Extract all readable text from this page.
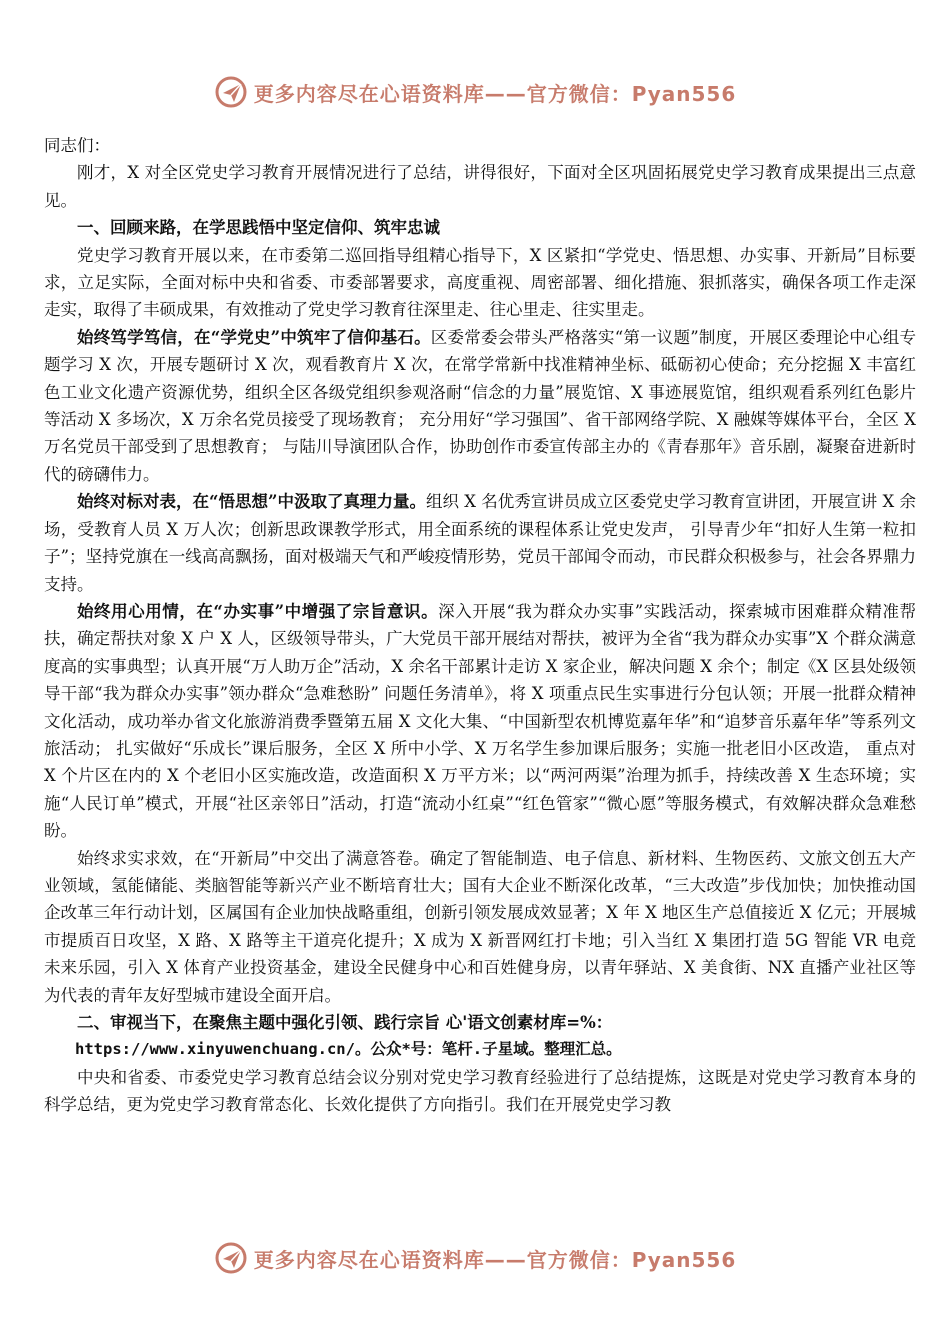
更多内容尽在心语资料库——官方微信：Pyan556

同志们：

刚才，X 对全区党史学习教育开展情况进行了总结，讲得很好，下面对全区巩固拓展党史学习教育成果提出三点意见。

一、回顾来路，在学思践悟中坚定信仰、筑牢忠诚

党史学习教育开展以来，在市委第二巡回指导组精心指导下，X 区紧扣“学党史、悟思想、办实事、开新局”目标要求，立足实际，全面对标中央和省委、市委部署要求，高度重视、周密部署、细化措施、狠抓落实，确保各项工作走深走实，取得了丰硕成果，有效推动了党史学习教育往深里走、往心里走、往实里走。

始终笃学笃信，在“学党史”中筑牢了信仰基石。区委常委会带头严格落实“第一议题”制度，开展区委理论中心组专题学习 X 次，开展专题研讨 X 次，观看教育片 X 次，在常学常新中找准精神坐标、砥砺初心使命；充分挖掘 X 丰富红色工业文化遗产资源优势，组织全区各级党组织参观洛耐“信念的力量”展览馆、X 事迹展览馆，组织观看系列红色影片等活动 X 多场次，X 万余名党员接受了现场教育； 充分用好“学习强国”、省干部网络学院、X 融媒等媒体平台，全区 X 万名党员干部受到了思想教育； 与陆川导演团队合作，协助创作市委宣传部主办的《青春那年》音乐剧，凝聚奋进新时代的磅礴伟力。

始终对标对表，在“悟思想”中汲取了真理力量。组织 X 名优秀宣讲员成立区委党史学习教育宣讲团，开展宣讲 X 余场，受教育人员 X 万人次；创新思政课教学形式，用全面系统的课程体系让党史发声， 引导青少年“扣好人生第一粒扣子”；坚持党旗在一线高高飘扬，面对极端天气和严峻疫情形势，党员干部闻令而动，市民群众积极参与，社会各界鼎力支持。

始终用心用情，在“办实事”中增强了宗旨意识。深入开展“我为群众办实事”实践活动，探索城市困难群众精准帮扶，确定帮扶对象 X 户 X 人，区级领导带头，广大党员干部开展结对帮扶，被评为全省“我为群众办实事”X 个群众满意度高的实事典型；认真开展“万人助万企”活动，X 余名干部累计走访 X 家企业，解决问题 X 余个；制定《X 区县处级领导干部“我为群众办实事”领办群众“急难愁盼” 问题任务清单》，将 X 项重点民生实事进行分包认领；开展一批群众精神文化活动，成功举办省文化旅游消费季暨第五届 X 文化大集、“中国新型农机博览嘉年华”和“追梦音乐嘉年华”等系列文旅活动； 扎实做好“乐成长”课后服务，全区 X 所中小学、X 万名学生参加课后服务；实施一批老旧小区改造， 重点对 X 个片区在内的 X 个老旧小区实施改造，改造面积 X 万平方米；以“两河两渠”治理为抓手，持续改善 X 生态环境；实施“人民订单”模式，开展“社区亲邻日”活动，打造“流动小红桌”“红色管家”“微心愿”等服务模式，有效解决群众急难愁盼。

始终求实求效，在“开新局”中交出了满意答卷。确定了智能制造、电子信息、新材料、生物医药、文旅文创五大产业领域，氢能储能、类脑智能等新兴产业不断培育壮大；国有大企业不断深化改革，“三大改造”步伐加快；加快推动国企改革三年行动计划，区属国有企业加快战略重组，创新引领发展成效显著；X 年 X 地区生产总值接近 X 亿元；开展城市提质百日攻坚，X 路、X 路等主干道亮化提升；X 成为 X 新晋网红打卡地；引入当红 X 集团打造 5G 智能 VR 电竞未来乐园，引入 X 体育产业投资基金，建设全民健身中心和百姓健身房，以青年驿站、X 美食街、NX 直播产业社区等为代表的青年友好型城市建设全面开启。

二、审视当下，在聚焦主题中强化引领、践行宗旨 心'语文创素材库=%：

https://www.xinyuwenchuang.cn/。公众*号：笔杆.子星域。整理汇总。

中央和省委、市委党史学习教育总结会议分别对党史学习教育经验进行了总结提炼，这既是对党史学习教育本身的科学总结，更为党史学习教育常态化、长效化提供了方向指引。我们在开展党史学习教

更多内容尽在心语资料库——官方微信：Pyan556
